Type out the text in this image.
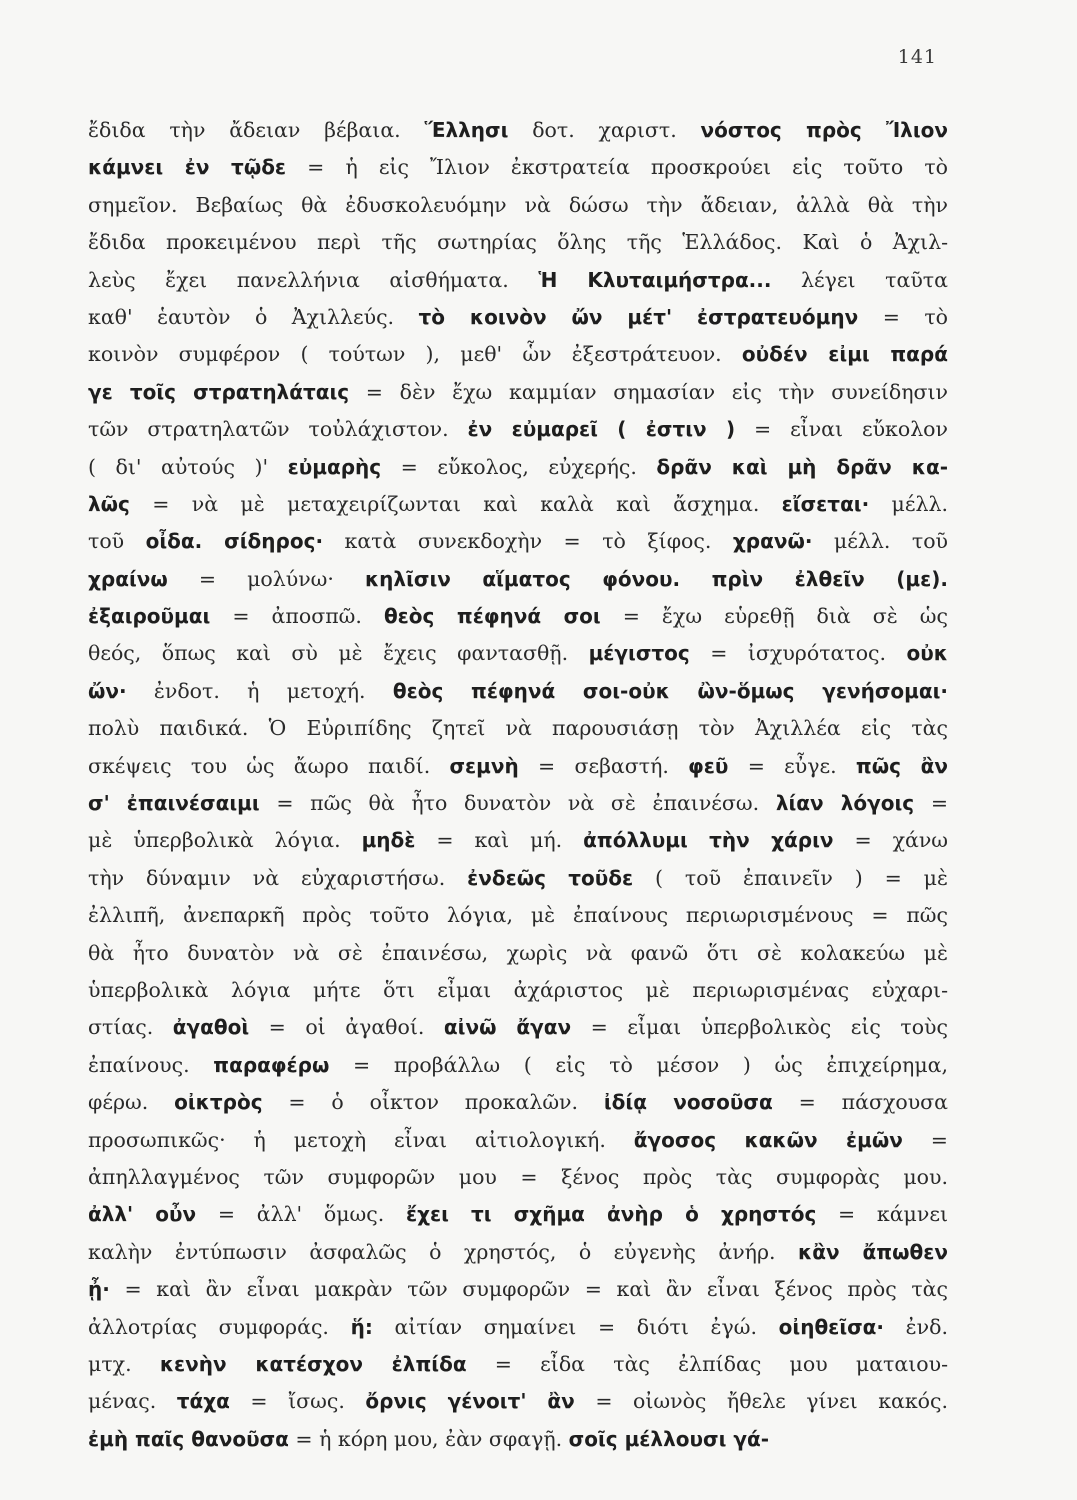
141
ἔδιδα τὴν ἄδειαν βέβαια. Ἕλλησι δοτ. χαριστ. νόστος πρὸς Ἴλιον
κάμνει ἐν τῷδε = ἡ εἰς Ἴλιον ἐκστρατεία προσκρούει εἰς τοῦτο τὸ
σημεῖον. Βεβαίως θὰ ἐδυσκολευόμην νὰ δώσω τὴν ἄδειαν, ἀλλὰ θὰ τὴν
ἔδιδα προκειμένου περὶ τῆς σωτηρίας ὅλης τῆς Ἑλλάδος. Καὶ ὁ Ἀχιλ-
λεὺς ἔχει πανελλήνια αἰσθήματα. Ἡ Κλυταιμήστρα... λέγει ταῦτα
καθ' ἑαυτὸν ὁ Ἀχιλλεύς. τὸ κοινὸν ὤν μέτ' ἐστρατευόμην = τὸ
κοινὸν συμφέρον ( τούτων ), μεθ' ὧν ἐξεστράτευον. οὐδέν εἰμι παρά
γε τοῖς στρατηλάταις = δὲν ἔχω καμμίαν σημασίαν εἰς τὴν συνείδησιν
τῶν στρατηλατῶν τοὐλάχιστον. ἐν εὐμαρεῖ ( ἐστιν ) = εἶναι εὔκολον
( δι' αὐτούς )' εὐμαρὴς = εὔκολος, εὐχερής. δρᾶν καὶ μὴ δρᾶν κα-
λῶς = νὰ μὲ μεταχειρίζωνται καὶ καλὰ καὶ ἄσχημα. εἴσεται· μέλλ.
τοῦ οἶδα. σίδηρος· κατὰ συνεκδοχὴν = τὸ ξίφος. χρανῶ· μέλλ. τοῦ
χραίνω = μολύνω· κηλῖσιν αἵματος φόνου. πρὶν ἐλθεῖν (με).
ἐξαιροῦμαι = ἀποσπῶ. θεὸς πέφηνά σοι = ἔχω εὑρεθῇ διὰ σὲ ὡς
θεός, ὅπως καὶ σὺ μὲ ἔχεις φαντασθῇ. μέγιστος = ἰσχυρότατος. οὐκ
ὤν· ἐνδοτ. ἡ μετοχή. θεὸς πέφηνά σοι-οὐκ ὢν-ὅμως γενήσομαι·
πολὺ παιδικά. Ὁ Εὐριπίδης ζητεῖ νὰ παρουσιάσῃ τὸν Ἀχιλλέα εἰς τὰς
σκέψεις του ὡς ἄωρο παιδί. σεμνὴ = σεβαστή. φεῦ = εὖγε. πῶς ἂν
σ' ἐπαινέσαιμι = πῶς θὰ ἦτο δυνατὸν νὰ σὲ ἐπαινέσω. λίαν λόγοις =
μὲ ὑπερβολικὰ λόγια. μηδὲ = καὶ μή. ἀπόλλυμι τὴν χάριν = χάνω
τὴν δύναμιν νὰ εὐχαριστήσω. ἐνδεῶς τοῦδε ( τοῦ ἐπαινεῖν ) = μὲ
ἐλλιπῆ, ἀνεπαρκῆ πρὸς τοῦτο λόγια, μὲ ἐπαίνους περιωρισμένους = πῶς
θὰ ἦτο δυνατὸν νὰ σὲ ἐπαινέσω, χωρὶς νὰ φανῶ ὅτι σὲ κολακεύω μὲ
ὑπερβολικὰ λόγια μήτε ὅτι εἶμαι ἀχάριστος μὲ περιωρισμένας εὐχαρι-
στίας. ἀγαθοὶ = οἱ ἀγαθοί. αἰνῶ ἄγαν = εἶμαι ὑπερβολικὸς εἰς τοὺς
ἐπαίνους. παραφέρω = προβάλλω ( εἰς τὸ μέσον ) ὡς ἐπιχείρημα,
φέρω. οἰκτρὸς = ὁ οἶκτον προκαλῶν. ἰδίᾳ νοσοῦσα = πάσχουσα
προσωπικῶς· ἡ μετοχὴ εἶναι αἰτιολογική. ἄγοσος κακῶν ἐμῶν =
ἀπηλλαγμένος τῶν συμφορῶν μου = ξένος πρὸς τὰς συμφορὰς μου.
ἀλλ' οὖν = ἀλλ' ὅμως. ἔχει τι σχῆμα ἀνὴρ ὁ χρηστός = κάμνει
καλὴν ἐντύπωσιν ἀσφαλῶς ὁ χρηστός, ὁ εὐγενὴς ἀνήρ. κἂν ἄπωθεν
ᾖ· = καὶ ἂν εἶναι μακρὰν τῶν συμφορῶν = καὶ ἂν εἶναι ξένος πρὸς τὰς
ἀλλοτρίας συμφοράς. ἥ: αἰτίαν σημαίνει = διότι ἐγώ. οἰηθεῖσα· ἐνδ.
μτχ. κενὴν κατέσχον ἐλπίδα = εἶδα τὰς ἐλπίδας μου ματαιου-
μένας. τάχα = ἴσως. ὄρνις γένοιτ' ἂν = οἰωνὸς ἤθελε γίνει κακός.
ἐμὴ παῖς θανοῦσα = ἡ κόρη μου, ἐὰν σφαγῇ. σοῖς μέλλουσι γά-
